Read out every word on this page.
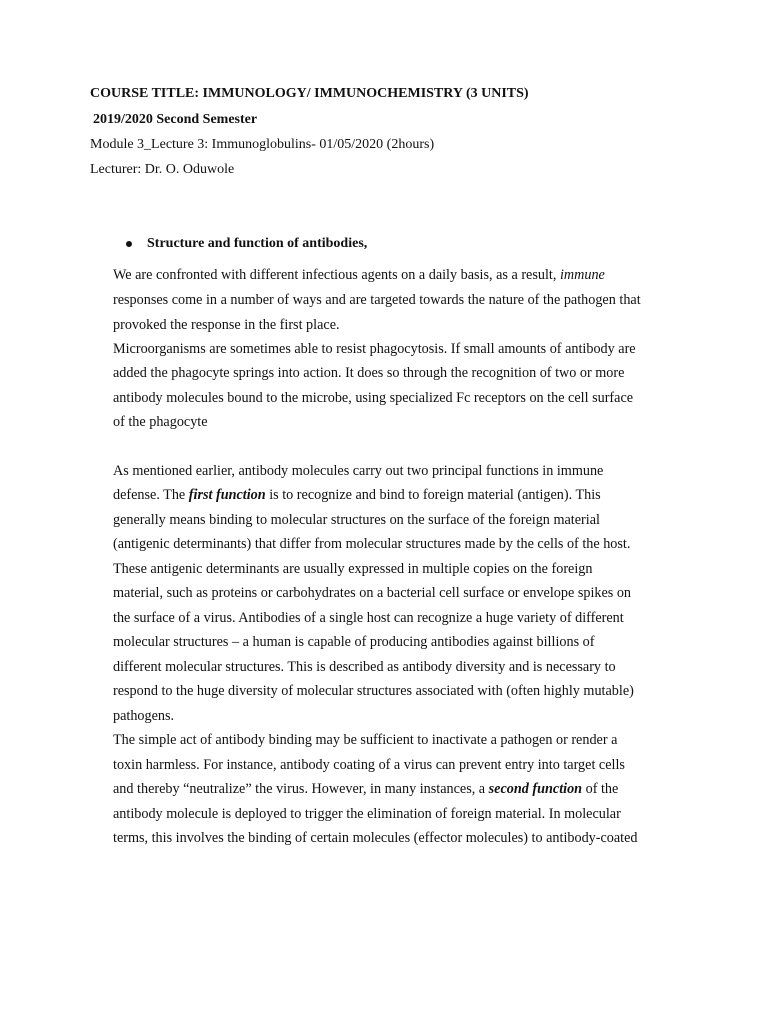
COURSE TITLE: IMMUNOLOGY/ IMMUNOCHEMISTRY (3 UNITS)
2019/2020 Second Semester
Module 3_Lecture 3: Immunoglobulins- 01/05/2020 (2hours)
Lecturer: Dr. O. Oduwole
Structure and function of antibodies,
We are confronted with different infectious agents on a daily basis, as a result, immune
responses come in a number of ways and are targeted towards the nature of the pathogen that
provoked the response in the first place.
Microorganisms are sometimes able to resist phagocytosis. If small amounts of antibody are
added the phagocyte springs into action. It does so through the recognition of two or more
antibody molecules bound to the microbe, using specialized Fc receptors on the cell surface
of the phagocyte
As mentioned earlier, antibody molecules carry out two principal functions in immune
defense. The first function is to recognize and bind to foreign material (antigen). This
generally means binding to molecular structures on the surface of the foreign material
(antigenic determinants) that differ from molecular structures made by the cells of the host.
These antigenic determinants are usually expressed in multiple copies on the foreign
material, such as proteins or carbohydrates on a bacterial cell surface or envelope spikes on
the surface of a virus. Antibodies of a single host can recognize a huge variety of different
molecular structures – a human is capable of producing antibodies against billions of
different molecular structures. This is described as antibody diversity and is necessary to
respond to the huge diversity of molecular structures associated with (often highly mutable)
pathogens.
The simple act of antibody binding may be sufficient to inactivate a pathogen or render a
toxin harmless. For instance, antibody coating of a virus can prevent entry into target cells
and thereby “neutralize” the virus. However, in many instances, a second function of the
antibody molecule is deployed to trigger the elimination of foreign material. In molecular
terms, this involves the binding of certain molecules (effector molecules) to antibody-coated
